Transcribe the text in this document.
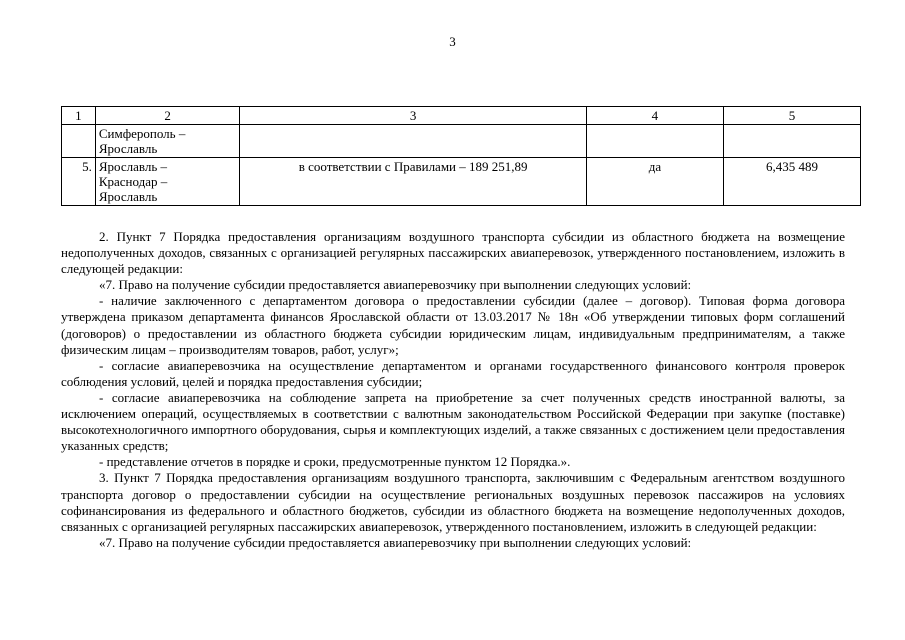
3
1	2	3	4	5
	Симферополь –
Ярославль			
5.	Ярославль –
Краснодар –
Ярославль	в соответствии с Правилами – 189 251,89	да	6,435 489

2. Пункт 7 Порядка предоставления организациям воздушного транспорта субсидии из областного бюджета на возмещение недополученных доходов, связанных с организацией регулярных пассажирских авиаперевозок, утвержденного постановлением, изложить в следующей редакции:

«7. Право на получение субсидии предоставляется авиаперевозчику при выполнении следующих условий:

- наличие заключенного с департаментом договора о предоставлении субсидии (далее – договор). Типовая форма договора утверждена приказом департамента финансов Ярославской области от 13.03.2017 № 18н «Об утверждении типовых форм соглашений (договоров) о предоставлении из областного бюджета субсидии юридическим лицам, индивидуальным предпринимателям, а также физическим лицам – производителям товаров, работ, услуг»;

- согласие авиаперевозчика на осуществление департаментом и органами государственного финансового контроля проверок соблюдения условий, целей и порядка предоставления субсидии;

- согласие авиаперевозчика на соблюдение запрета на приобретение за счет полученных средств иностранной валюты, за исключением операций, осуществляемых в соответствии с валютным законодательством Российской Федерации при закупке (поставке) высокотехнологичного импортного оборудования, сырья и комплектующих изделий, а также связанных с достижением цели предоставления указанных средств;

- представление отчетов в порядке и сроки, предусмотренные пунктом 12 Порядка.».

3. Пункт 7 Порядка предоставления организациям воздушного транспорта, заключившим с Федеральным агентством воздушного транспорта договор о предоставлении субсидии на осуществление региональных воздушных перевозок пассажиров на условиях софинансирования из федерального и областного бюджетов, субсидии из областного бюджета на возмещение недополученных доходов, связанных с организацией регулярных пассажирских авиаперевозок, утвержденного постановлением, изложить в следующей редакции:

«7. Право на получение субсидии предоставляется авиаперевозчику при выполнении следующих условий:
